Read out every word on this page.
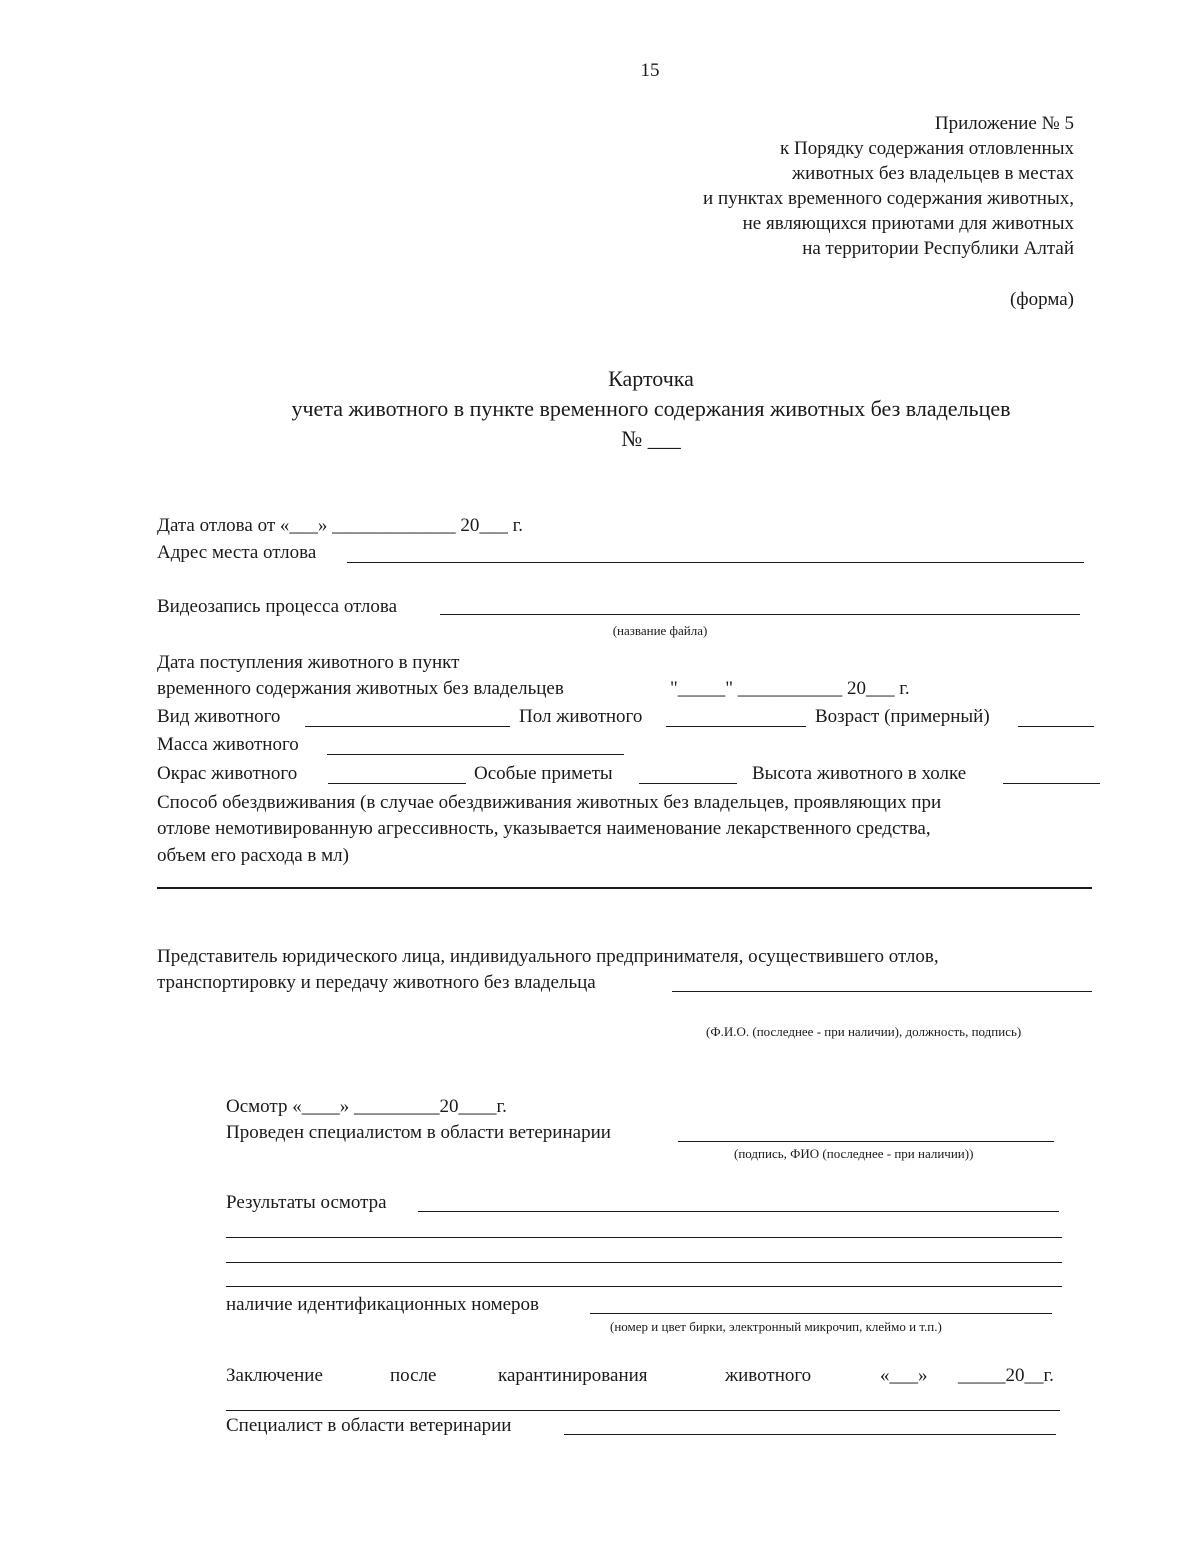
15
Приложение № 5
к Порядку содержания отловленных
животных без владельцев в местах
и пунктах временного содержания животных,
не являющихся приютами для животных
на территории Республики Алтай
(форма)
Карточка
учета животного в пункте временного содержания животных без владельцев
№ ___
Дата отлова от «___» _____________ 20___ г.
Адрес места отлова
Видеозапись процесса отлова
(название файла)
Дата поступления животного в пункт
временного содержания животных без владельцев	"_____" ___________ 20___ г.
Вид животного	Пол животного	Возраст (примерный)
Масса животного
Окрас животного	Особые приметы	Высота животного в холке
Способ обездвиживания (в случае обездвиживания животных без владельцев, проявляющих при
отлове немотивированную агрессивность, указывается наименование лекарственного средства,
объем его расхода в мл)
Представитель юридического лица, индивидуального предпринимателя, осуществившего отлов,
транспортировку и передачу животного без владельца
(Ф.И.О. (последнее - при наличии), должность, подпись)
Осмотр «____» _________20____г.
Проведен специалистом в области ветеринарии
(подпись, ФИО (последнее - при наличии))
Результаты осмотра
наличие идентификационных номеров
(номер и цвет бирки, электронный микрочип, клеймо и т.п.)
Заключение	после	карантинирования	животного	«___» _____20__г.
Специалист в области ветеринарии
